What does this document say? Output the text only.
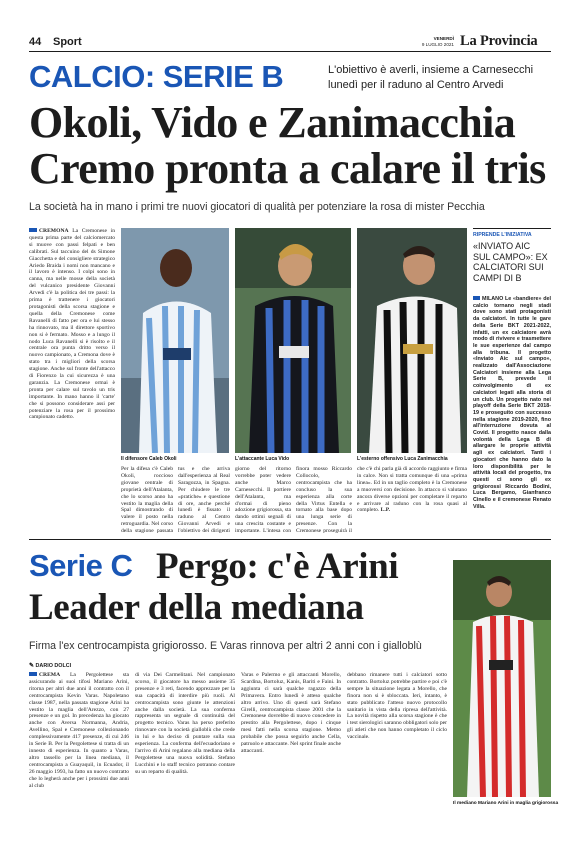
44 Sport	VENERDÌ
9 LUGLIO 2021 La Provincia
CALCIO: SERIE B	L'obiettivo è averli, insieme a Carnesecchi
lunedì per il raduno al Centro Arvedi
Okoli, Vido e Zanimacchia
Cremo pronta a calare il tris
La società ha in mano i primi tre nuovi giocatori di qualità per potenziare la rosa di mister Pecchia
CREMONA La Cremonese in questa prima parte del calciomercato si muove con passi felpati e ben calibrati. Sul taccuino del ds Simone Giacchetta e del consigliere strategico Ariedo Braida i nomi non mancano e il lavoro è intenso. I colpi sono in canna, ma nelle mosse della società del vulcanico presidente Giovanni Arvedi c'è la politica dei tre passi: la prima è trattenere i giocatori protagonisti della scorsa stagione e quella della Cremonese come Ravanelli di fatto per ora e lui stesso ha rinnovato, ma il direttore sportivo non si è fermato. Mosso e a lungo il nodo Luca Ravanelli si è risolto e il centrale ora punta dritto verso il nuovo campionato, a Cremona dove è stato tra i migliori della scorsa stagione. Anche sul fronte dell'attacco di Fiorenzo la cui sicurezza è una garanzia. La Cremonese ormai è pronta per calare sul tavolo un tris importante. In mano hanno il 'carte' che si possono considerare assi per potenziare la rosa per il prossimo campionato cadetto.
Il difensore Caleb Okoli	L'attaccante Luca Vido	L'esterno offensivo Luca Zanimacchia
Per la difesa c'è Caleb Okoli, roccioso giovane centrale di proprietà dell'Atalanta, che lo scorso anno ha vestito la maglia della Spal dimostrando di valere il posto nella retroguardia. Nel corso della stagione passata
tus e che arriva dall'esperienza al Real Saragozza, in Spagna. Per chiudere le tre «pratiche» e questione di ore, anche perché lunedì è fissato il raduno al Centro Giovanni Arvedi e l'obiettivo dei dirigenti
giorno del ritorno vorrebbe poter vedere anche Marco Carnesecchi. Il portiere dell'Atalanta, ma d'ormai di pieno adozione grigiorossa, sta dando ottimi segnali di una crescita costante e importante. L'intesa con
finora mosso Riccardo Collocolo, centrocampista che ha concluso la sua esperienza alla corte della Virtus Entella e tornato alla base dopo una lunga serie di presenze. Con la Cremonese proseguirà il
che c'è chi parla già di accordo raggiunto e firma in calce. Non si tratta comunque di una «prima linea». Ed in un taglio completo è la Cremonese a muoversi con decisione. In attacco si valutano ancora diverse opzioni per completare il reparto e arrivare al raduno con la rosa quasi al completo. L.P.
RIPRENDE L'INIZIATIVA
«INVIATO AIC SUL CAMPO»: EX CALCIATORI SUI CAMPI DI B
MILANO Le «bandiere» del calcio tornano negli stadi dove sono stati protagonisti da calciatori. In tutte le gare della Serie BKT 2021-2022, infatti, un ex calciatore avrà modo di rivivere e trasmettere le sue esperienze dal campo alla tribuna. Il progetto «Inviato Aic sul campo», realizzato dall'Associazione Calciatori insieme alla Lega Serie B, prevede il coinvolgimento di ex calciatori legati alla storia di un club. Un progetto nato nei playoff della Serie BKT 2018-19 e proseguito con successo nella stagione 2019-2020, fino all'interruzione dovuta al Covid. Il progetto nasce dalla volontà della Lega B di allargare le proprie attività agli ex calciatori. Tanti i giocatori che hanno dato la loro disponibilità per le attività locali del progetto, tra questi ci sono gli ex grigiorossi Riccardo Bodini, Luca Bergamo, Gianfranco Cinello e il cremonese Renato Villa.
Serie C Pergo: c'è Arini
Leader della mediana
Firma l'ex centrocampista grigiorosso. E Varas rinnova per altri 2 anni con i gialloblù
✎ DARIO DOLCI
CREMA La Pergolettese sta assicurando ai suoi tifosi Mariano Arini, ritorna per altri due anni il contratto con il centrocampista Kevin Varas. Napoletano classe 1987, nella passata stagione Arini ha vestito la maglia dell'Arezzo, con 27 presenze e un gol. In precedenza ha giocato anche con Aversa Normanna, Andria, Avellino, Spal e Cremonese collezionando complessivamente 417 presenze, di cui 246 in Serie B. Per la Pergolettese si tratta di un innesto di esperienza. In quanto a Varas, altro tassello per la linea mediana, il centrocampista a Guayaquil, in Ecuador, il 26 maggio 1993, ha fatto un nuovo contratto che lo legherà anche per i prossimi due anni al club
di via Dei Carmelitani. Nel campionato scorso, il giocatore ha messo assieme 35 presenze e 3 reti, facendo apprezzare per la sua capacità di interdire più ruoli. Al centrocampista sono giunte le attenzioni anche dalla società. La sua conferma rappresenta un segnale di continuità del progetto tecnico. Varas ha perso preferito rinnovare con la società gialloblù che crede in lui e ha deciso di puntare sulla sua esperienza. La conferma dell'ecuadoriano e l'arrivo di Arini regalano alla mediana della Pergolettese una nuova solidità. Stefano Lucchini e lo staff tecnico potranno contare su un reparto di qualità.
Varas e Palermo e gli attaccanti Morello, Scardina, Bortoluz, Kanis, Bariti e Faini. In aggiunta ci sarà qualche ragazzo della Primavera. Entro lunedì è atteso qualche altro arrivo. Uno di questi sarà Stefano Girelli, centrocampista classe 2001 che la Cremonese dovrebbe di nuovo concedere in prestito alla Pergolettese, dopo i cinque mesi fatti nella scorsa stagione. Memo probabile che possa seguirlo anche Cella, patruolo e attaccante. Nel sprint finale anche attaccanti.
debbano rimanere tutti i calciatori sotto contratto. Bortoluz potrebbe partire e poi c'è sempre la situazione legata a Morello, che finora non si è sbloccata. Ieri, intanto, è stato pubblicato l'atteso nuovo protocollo sanitario in vista della ripresa dell'attività. La novità rispetto alla scorsa stagione è che i test sierologici saranno obbligatori solo per gli atleti che non hanno completato il ciclo vaccinale.
Il mediano Mariano Arini in maglia grigiorossa
